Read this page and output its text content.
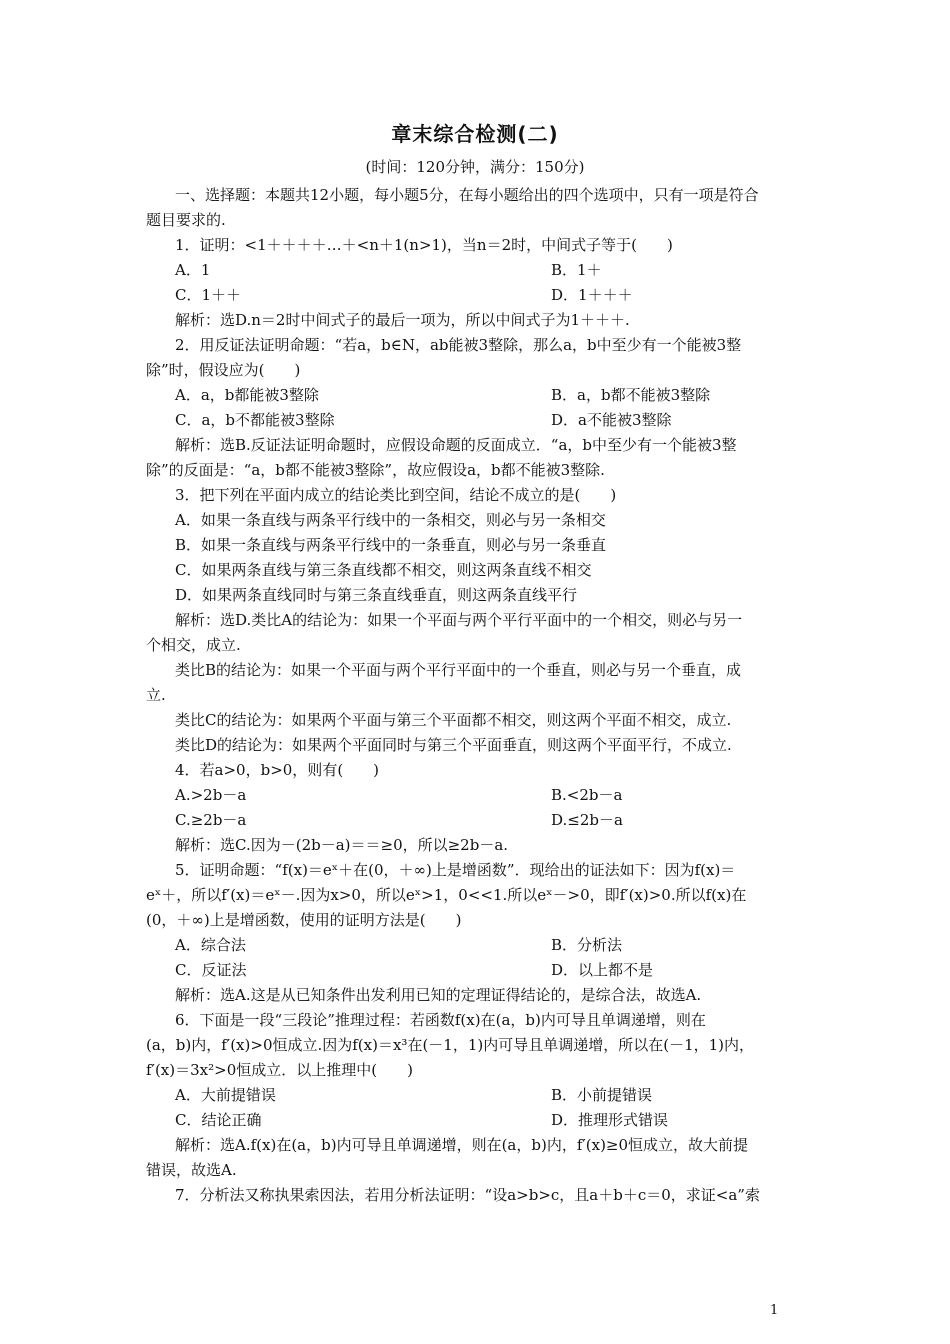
章末综合检测(二)
(时间：120分钟，满分：150分)
一、选择题：本题共12小题，每小题5分，在每小题给出的四个选项中，只有一项是符合
题目要求的.
1．证明：<1＋＋＋＋…＋<n＋1(n>1)，当n＝2时，中间式子等于(　　)
A．1	B．1＋
C．1＋＋	D．1＋＋＋
解析：选D.n＝2时中间式子的最后一项为，所以中间式子为1＋＋＋.
2．用反证法证明命题：“若a，b∈N，ab能被3整除，那么a，b中至少有一个能被3整
除”时，假设应为(　　)
A．a，b都能被3整除	B．a，b都不能被3整除
C．a，b不都能被3整除	D．a不能被3整除
解析：选B.反证法证明命题时，应假设命题的反面成立．“a，b中至少有一个能被3整
除”的反面是：“a，b都不能被3整除”，故应假设a，b都不能被3整除.
3．把下列在平面内成立的结论类比到空间，结论不成立的是(　　)
A．如果一条直线与两条平行线中的一条相交，则必与另一条相交
B．如果一条直线与两条平行线中的一条垂直，则必与另一条垂直
C．如果两条直线与第三条直线都不相交，则这两条直线不相交
D．如果两条直线同时与第三条直线垂直，则这两条直线平行
解析：选D.类比A的结论为：如果一个平面与两个平行平面中的一个相交，则必与另一
个相交，成立.
类比B的结论为：如果一个平面与两个平行平面中的一个垂直，则必与另一个垂直，成
立.
类比C的结论为：如果两个平面与第三个平面都不相交，则这两个平面不相交，成立.
类比D的结论为：如果两个平面同时与第三个平面垂直，则这两个平面平行，不成立.
4．若a>0，b>0，则有(　　)
A.>2b－a	B.<2b－a
C.≥2b－a	D.≤2b－a
解析：选C.因为－(2b－a)＝＝≥0，所以≥2b－a.
5．证明命题：“f(x)＝eˣ＋在(0，＋∞)上是增函数”．现给出的证法如下：因为f(x)＝
eˣ＋，所以f′(x)＝eˣ－.因为x>0，所以eˣ>1，0<<1.所以eˣ－>0，即f′(x)>0.所以f(x)在
(0，＋∞)上是增函数，使用的证明方法是(　　)
A．综合法	B．分析法
C．反证法	D．以上都不是
解析：选A.这是从已知条件出发利用已知的定理证得结论的，是综合法，故选A.
6．下面是一段“三段论”推理过程：若函数f(x)在(a，b)内可导且单调递增，则在
(a，b)内，f′(x)>0恒成立.因为f(x)＝x³在(－1，1)内可导且单调递增，所以在(－1，1)内，
f′(x)＝3x²>0恒成立．以上推理中(　　)
A．大前提错误	B．小前提错误
C．结论正确	D．推理形式错误
解析：选A.f(x)在(a，b)内可导且单调递增，则在(a，b)内，f′(x)≥0恒成立，故大前提
错误，故选A.
7．分析法又称执果索因法，若用分析法证明：“设a>b>c，且a＋b＋c＝0，求证<a”索
1
